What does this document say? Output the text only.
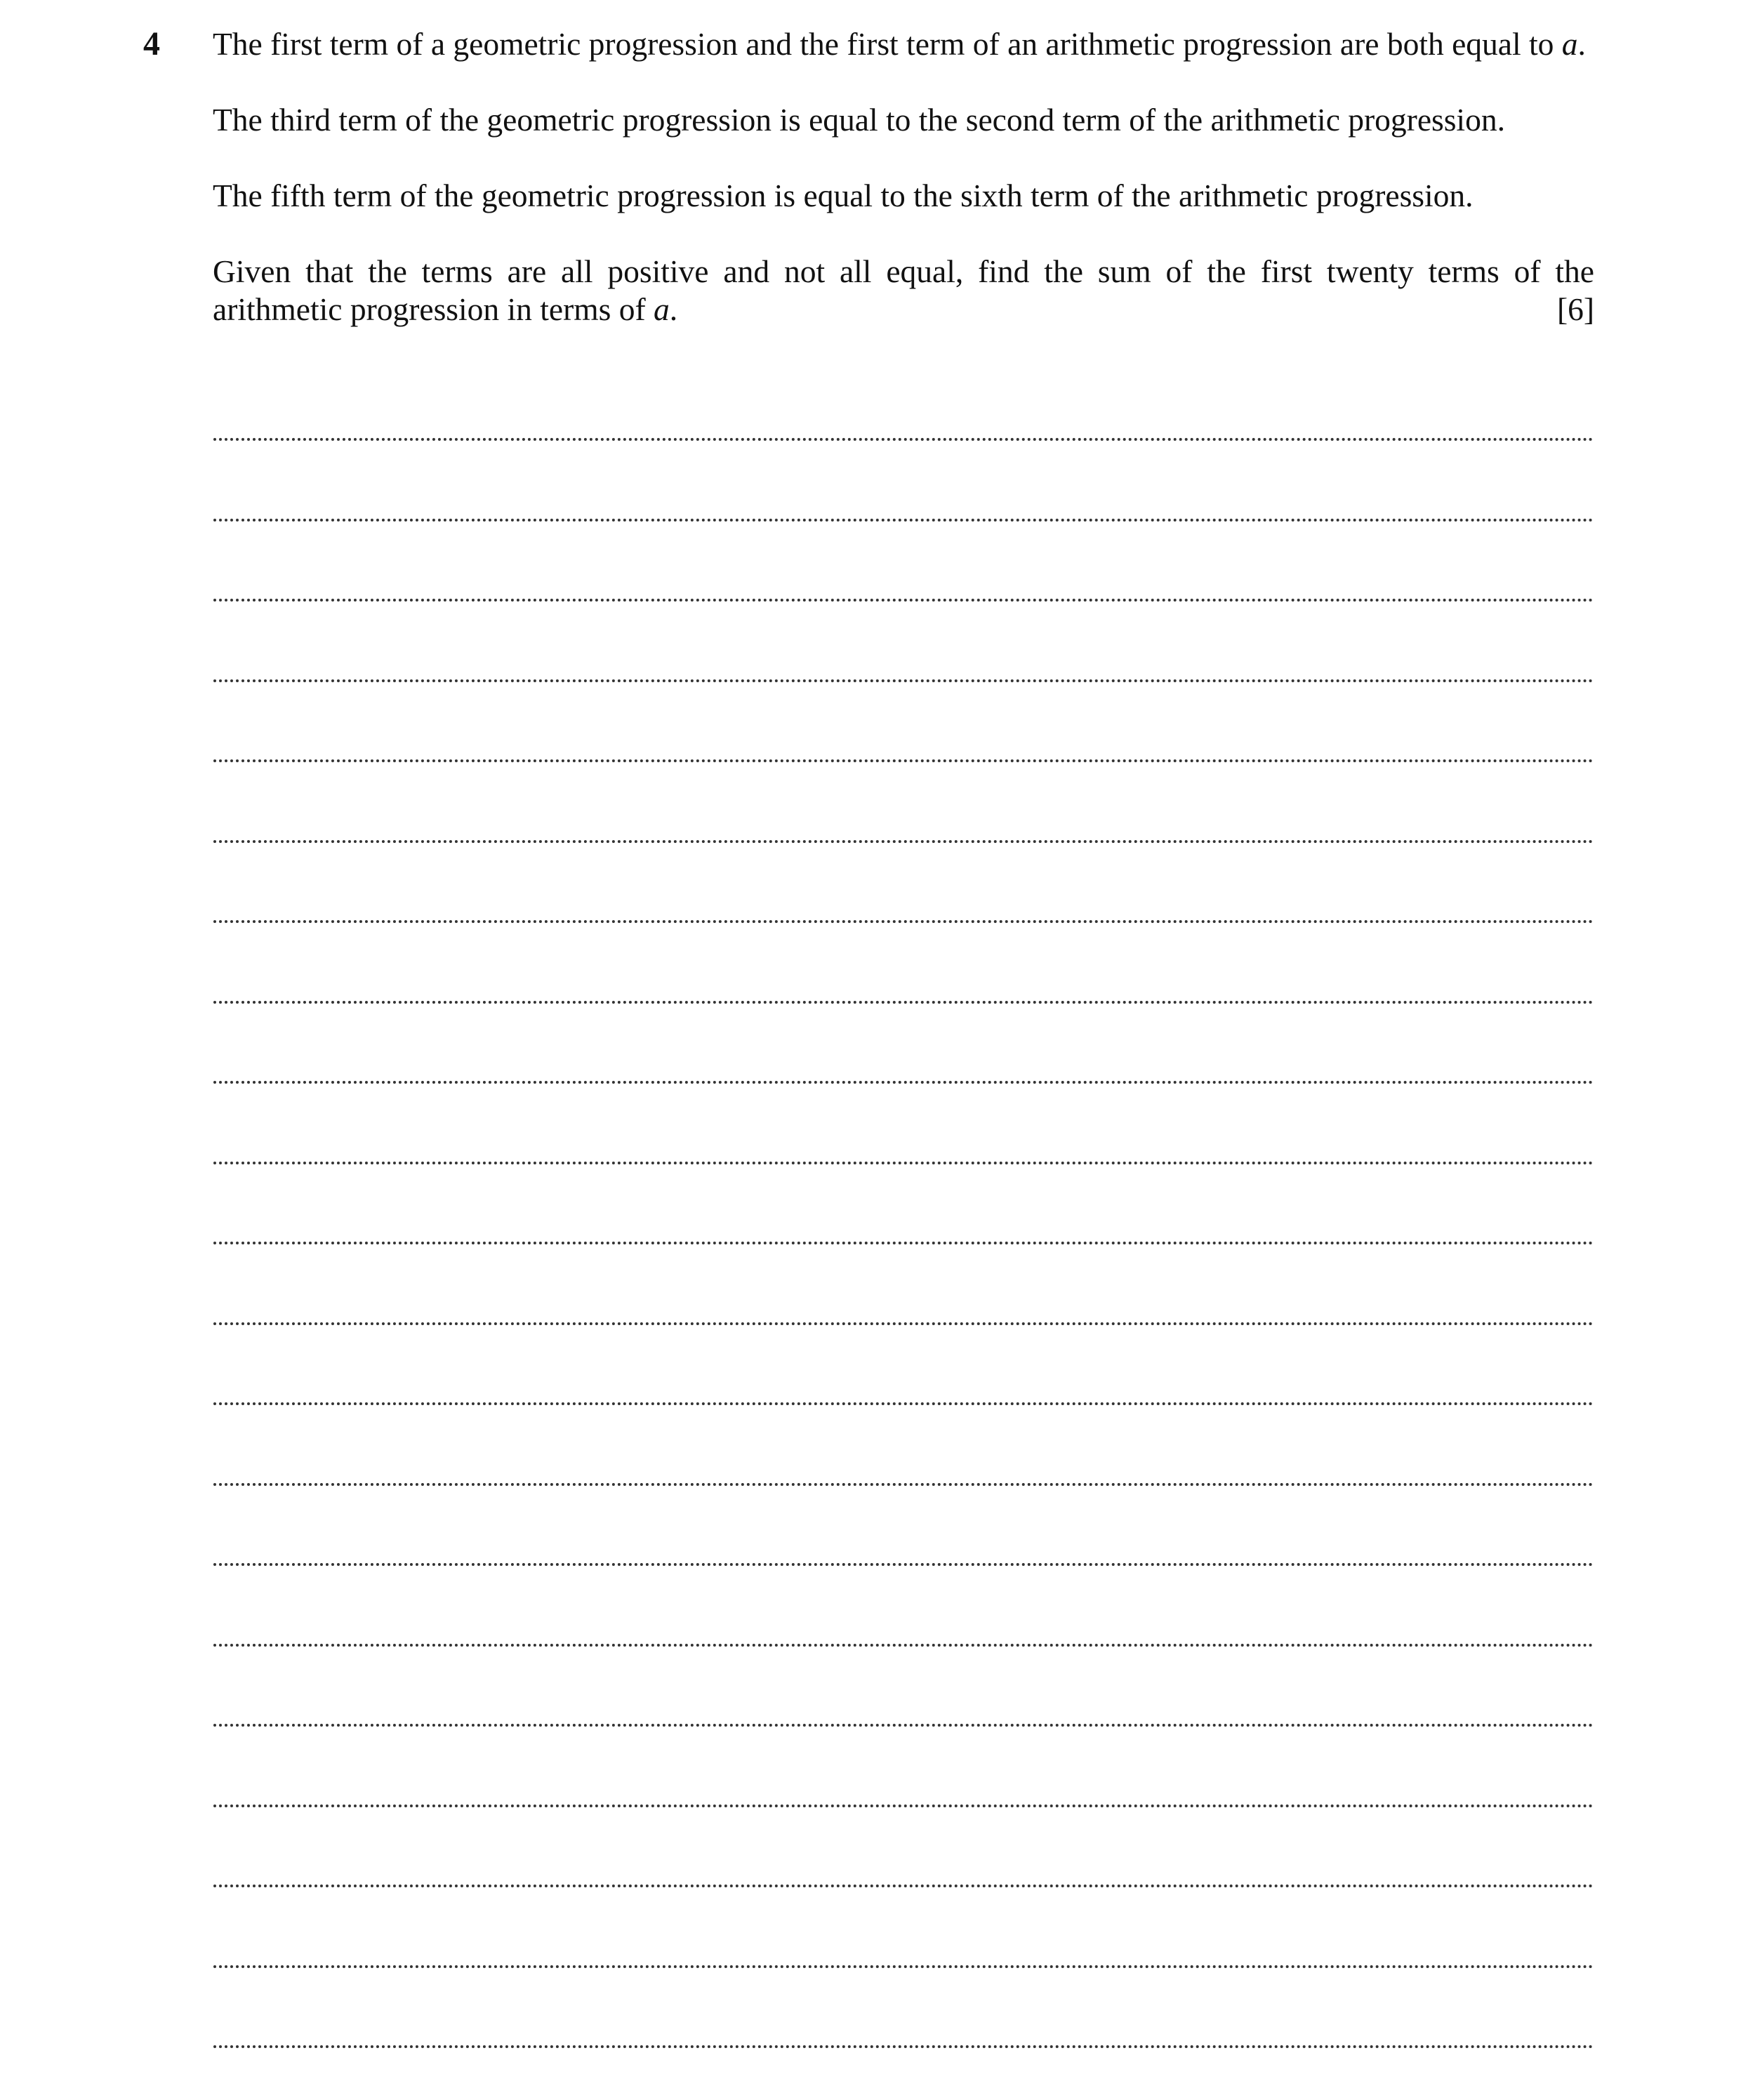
4 The first term of a geometric progression and the first term of an arithmetic progression are both equal to a.

The third term of the geometric progression is equal to the second term of the arithmetic progression.

The fifth term of the geometric progression is equal to the sixth term of the arithmetic progression.

Given that the terms are all positive and not all equal, find the sum of the first twenty terms of the
arithmetic progression in terms of a.	[6]
